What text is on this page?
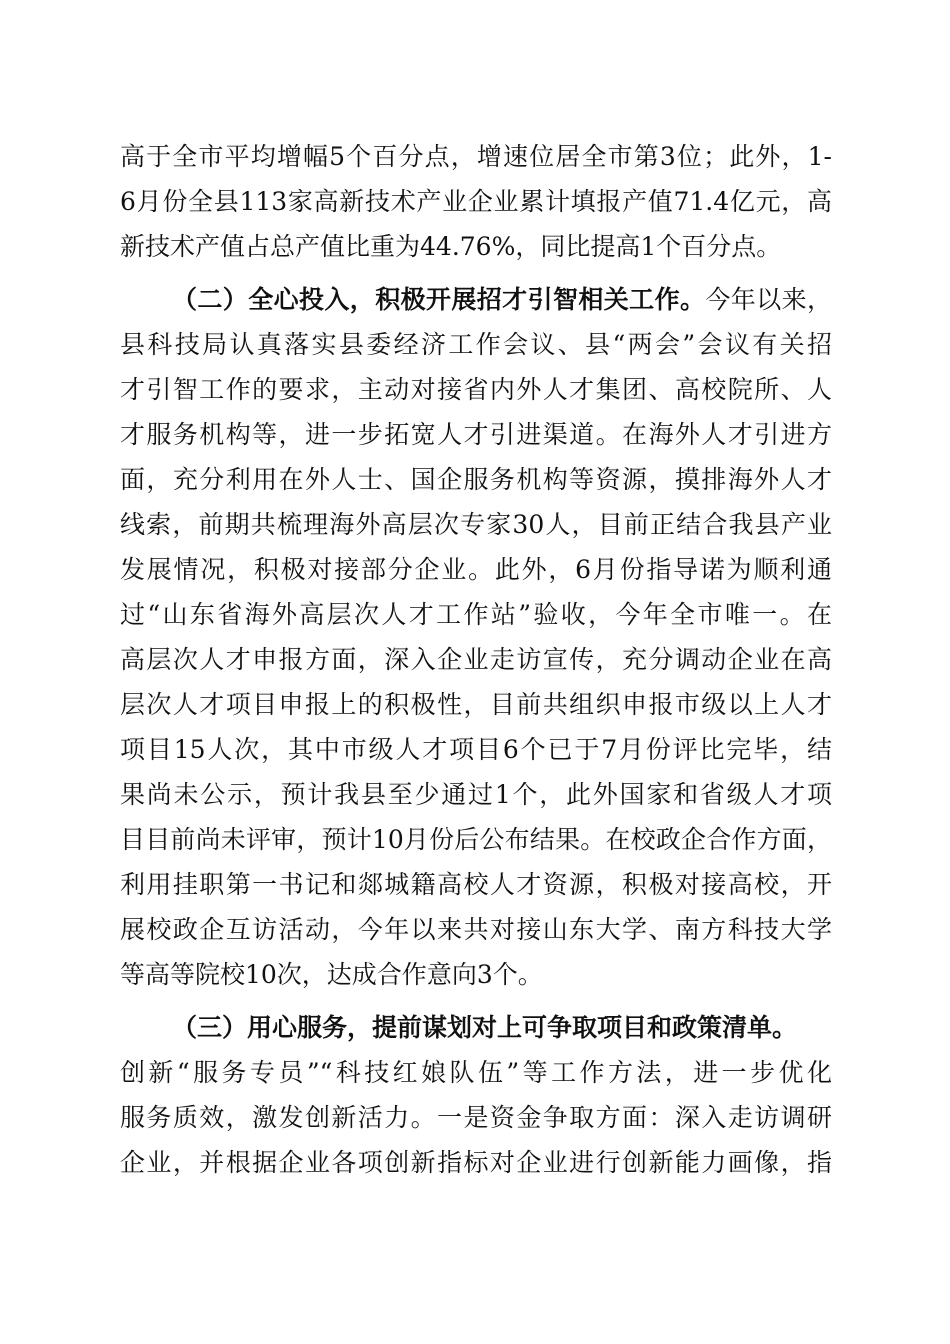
高于全市平均增幅5个百分点，增速位居全市第3位；此外，1-
6月份全县113家高新技术产业企业累计填报产值71.4亿元，高
新技术产值占总产值比重为44.76%，同比提高1个百分点。
（二）全心投入，积极开展招才引智相关工作。今年以来，
县科技局认真落实县委经济工作会议、县“两会”会议有关招
才引智工作的要求，主动对接省内外人才集团、高校院所、人
才服务机构等，进一步拓宽人才引进渠道。在海外人才引进方
面，充分利用在外人士、国企服务机构等资源，摸排海外人才
线索，前期共梳理海外高层次专家30人，目前正结合我县产业
发展情况，积极对接部分企业。此外，6月份指导诺为顺利通
过“山东省海外高层次人才工作站”验收，今年全市唯一。在
高层次人才申报方面，深入企业走访宣传，充分调动企业在高
层次人才项目申报上的积极性，目前共组织申报市级以上人才
项目15人次，其中市级人才项目6个已于7月份评比完毕，结
果尚未公示，预计我县至少通过1个，此外国家和省级人才项
目目前尚未评审，预计10月份后公布结果。在校政企合作方面，
利用挂职第一书记和郯城籍高校人才资源，积极对接高校，开
展校政企互访活动，今年以来共对接山东大学、南方科技大学
等高等院校10次，达成合作意向3个。
（三）用心服务，提前谋划对上可争取项目和政策清单。
创新“服务专员”“科技红娘队伍”等工作方法，进一步优化
服务质效，激发创新活力。一是资金争取方面：深入走访调研
企业，并根据企业各项创新指标对企业进行创新能力画像，指
